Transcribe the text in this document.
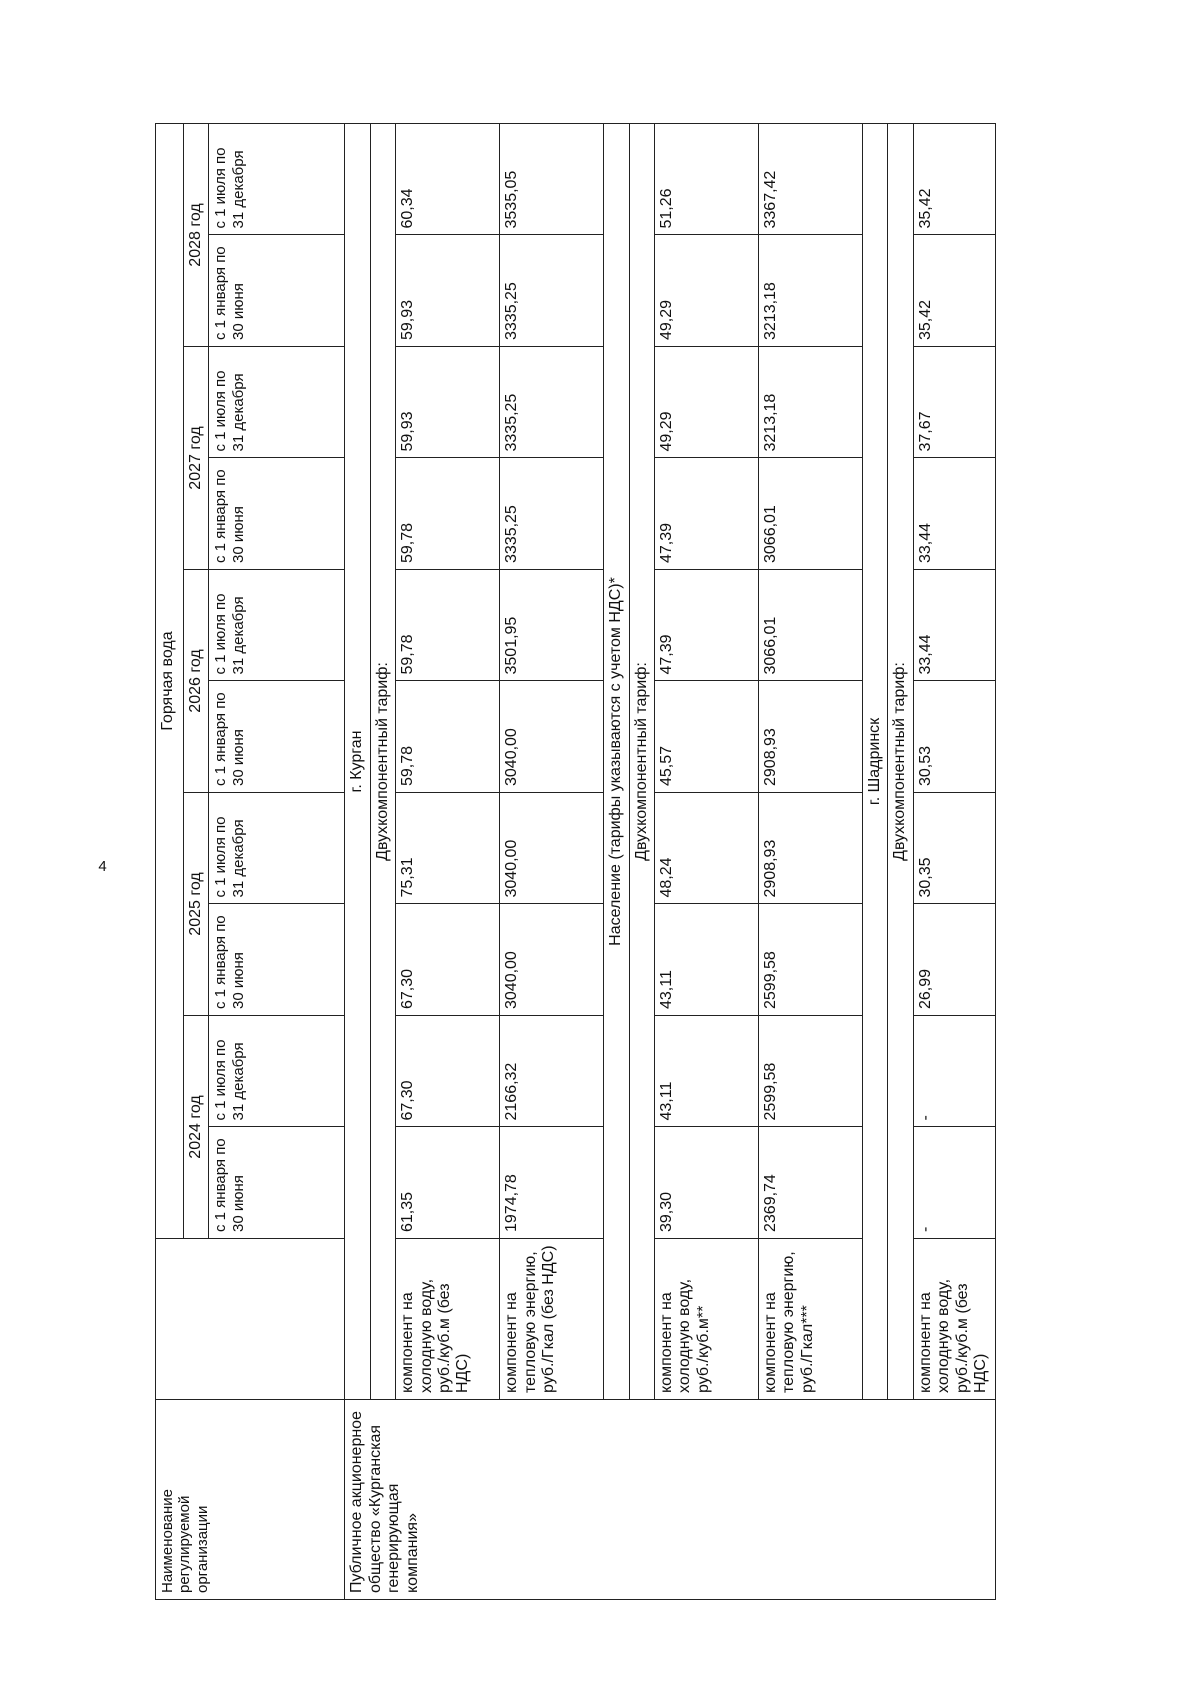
4
Наименование регулируемой организации		Горячая вода									
		2024 год		2025 год		2026 год		2027 год		2028 год	
		с 1 января по 30 июня	с 1 июля по 31 декабря	с 1 января по 30 июня	с 1 июля по 31 декабря	с 1 января по 30 июня	с 1 июля по 31 декабря	с 1 января по 30 июня	с 1 июля по 31 декабря	с 1 января по 30 июня	с 1 июля по 31 декабря
Публичное акционерное общество «Курганская генерирующая компания»	г. Курган										
	Двухкомпонентный тариф:										
	компонент на холодную воду, руб./куб.м (без НДС)	61,35	67,30	67,30	75,31	59,78	59,78	59,78	59,93	59,93	60,34
	компонент на тепловую энергию, руб./Гкал (без НДС)	1974,78	2166,32	3040,00	3040,00	3040,00	3501,95	3335,25	3335,25	3335,25	3535,05
	Население (тарифы указываются с учетом НДС)*										
	Двухкомпонентный тариф:										
	компонент на холодную воду, руб./куб.м**	39,30	43,11	43,11	48,24	45,57	47,39	47,39	49,29	49,29	51,26
	компонент на тепловую энергию, руб./Гкал***	2369,74	2599,58	2599,58	2908,93	2908,93	3066,01	3066,01	3213,18	3213,18	3367,42
	г. Шадринск										
	Двухкомпонентный тариф:										
	компонент на холодную воду, руб./куб.м (без НДС)	-	-	26,99	30,35	30,53	33,44	33,44	37,67	35,42	35,42
